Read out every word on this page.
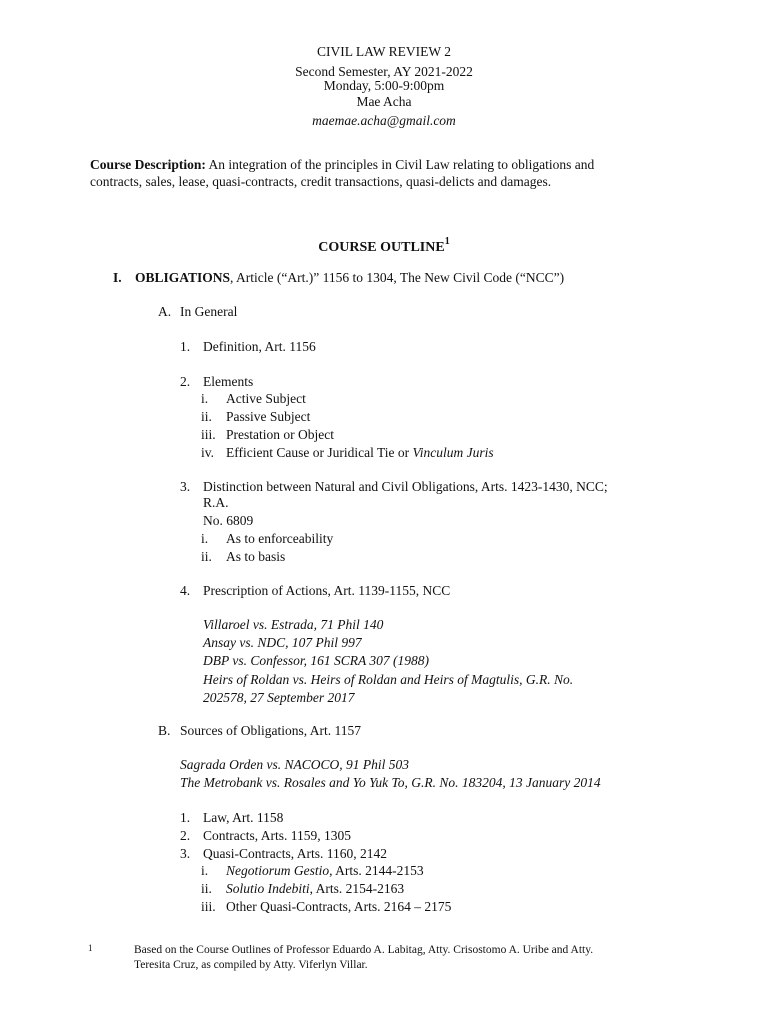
CIVIL LAW REVIEW 2
Second Semester, AY 2021-2022
Monday, 5:00-9:00pm
Mae Acha
maemae.acha@gmail.com
Course Description: An integration of the principles in Civil Law relating to obligations and
contracts, sales, lease, quasi-contracts, credit transactions, quasi-delicts and damages.
COURSE OUTLINE$^1$
I. OBLIGATIONS, Article (“Art.)” 1156 to 1304, The New Civil Code (“NCC”)
A. In General
1. Definition, Art. 1156
2. Elements
i. Active Subject
ii. Passive Subject
iii. Prestation or Object
iv. Efficient Cause or Juridical Tie or Vinculum Juris
3. Distinction between Natural and Civil Obligations, Arts. 1423-1430, NCC;
R.A.
No. 6809
i. As to enforceability
ii. As to basis
4. Prescription of Actions, Art. 1139-1155, NCC
Villaroel vs. Estrada, 71 Phil 140
Ansay vs. NDC, 107 Phil 997
DBP vs. Confessor, 161 SCRA 307 (1988)
Heirs of Roldan vs. Heirs of Roldan and Heirs of Magtulis, G.R. No.
202578, 27 September 2017
B. Sources of Obligations, Art. 1157
Sagrada Orden vs. NACOCO, 91 Phil 503
The Metrobank vs. Rosales and Yo Yuk To, G.R. No. 183204, 13 January 2014
1. Law, Art. 1158
2. Contracts, Arts. 1159, 1305
3. Quasi-Contracts, Arts. 1160, 2142
i. Negotiorum Gestio, Arts. 2144-2153
ii. Solutio Indebiti, Arts. 2154-2163
iii. Other Quasi-Contracts, Arts. 2164 – 2175
1	Based on the Course Outlines of Professor Eduardo A. Labitag, Atty. Crisostomo A. Uribe and Atty.
Teresita Cruz, as compiled by Atty. Viferlyn Villar.
